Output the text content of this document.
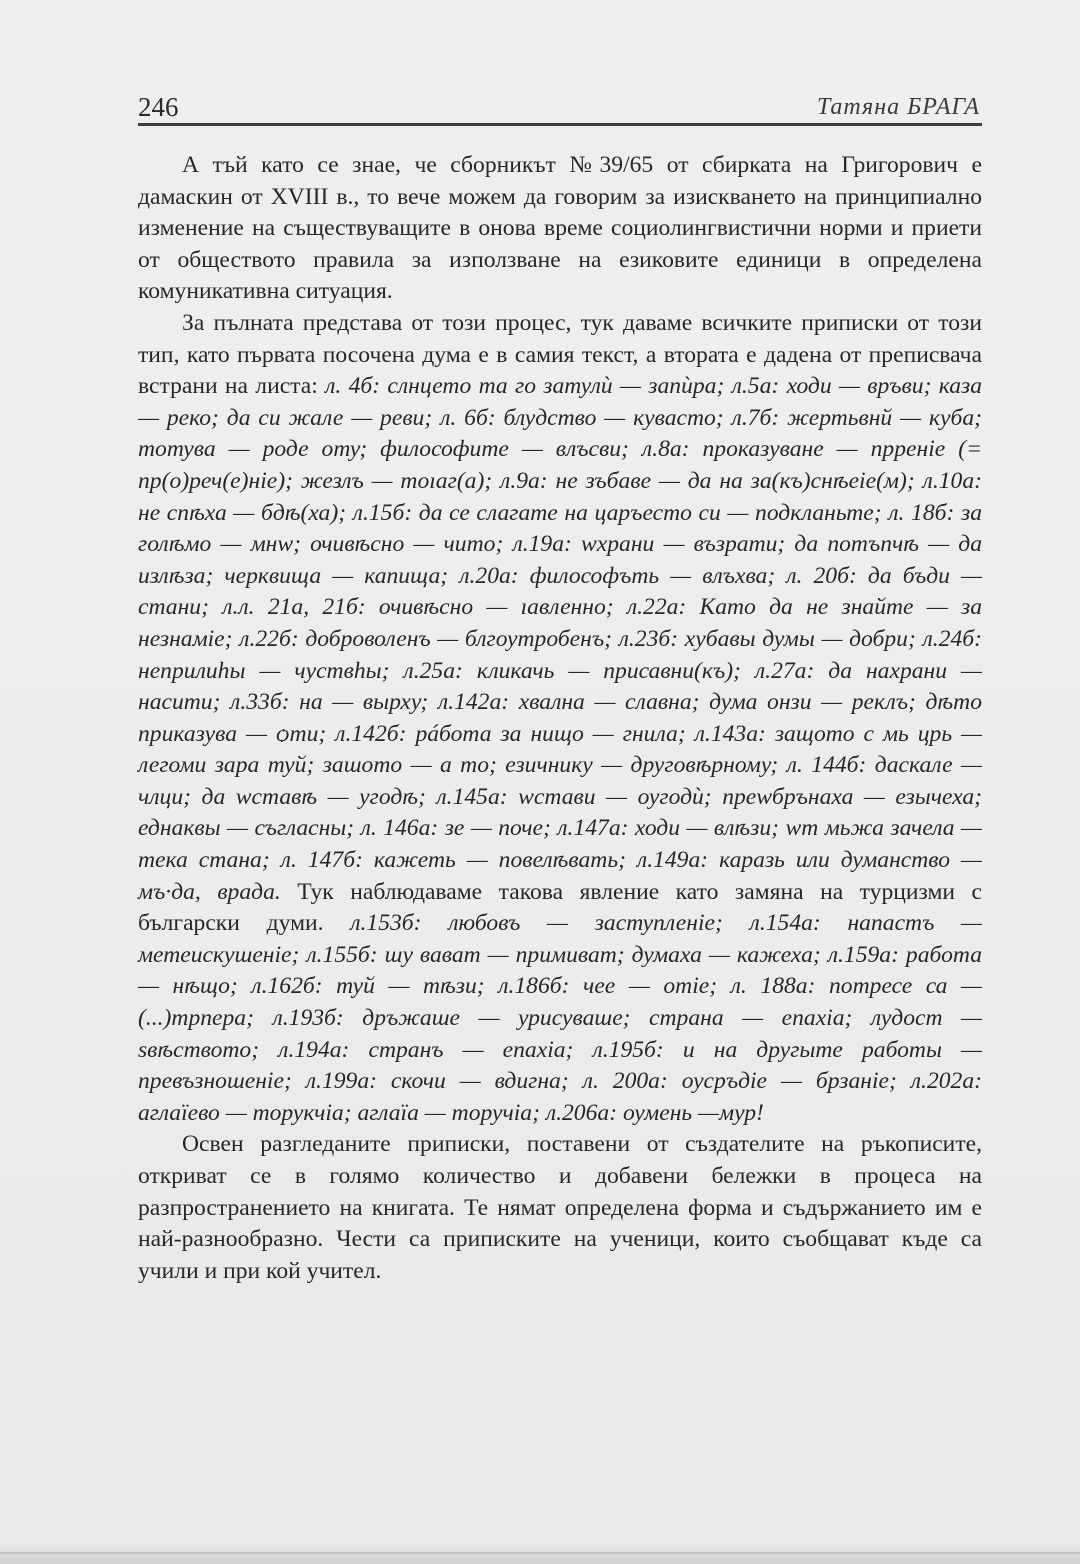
246	Татяна БРАГА

А тъй като се знае, че сборникът №39/65 от сбирката на Григорович е дамаскин от XVIII в., то вече можем да говорим за изискването на принципиално изменение на съществуващите в онова време социолингвистични норми и приети от обществото правила за използване на езиковите единици в определена комуникативна ситуация.

За пълната представа от този процес, тук даваме всичките приписки от този тип, като първата посочена дума е в самия текст, а втората е дадена от преписвача встрани на листа: л. 4б: слнцето та го затулѝ — запѝра; л.5а: ходи — връви; каза — реко; да си жале — реви; л. 6б: блудство — кувасто; л.7б: жертьвнй — куба; тотува — роде оту; философите — влъсви; л.8а: проказуване — прреніе (= пр(о)реч(е)ніе); жезлъ — тоıаг(а); л.9а: не зъбаве — да на за(къ)снѣеіе(м); л.10а: не спѣха — бдѣ(ха); л.15б: да се слагате на царъесто си — подкланьте; л. 18б: за голѣмо — мнw; очивѣсно — чито; л.19а: wхрани — възрати; да потъпчѣ — да излѣза; черквища — капища; л.20а: философъть — влъхва; л. 20б: да бъди — стани; л.л. 21а, 21б: очивѣсно — ıавленно; л.22а: Като да не знайте — за незнаміе; л.22б: доброволенъ — блгоутробенъ; л.23б: хубавы думы — добри; л.24б: неприлиhы — чуствhы; л.25а: кликачь — присавни(къ); л.27а: да нахрани — насити; л.33б: на — вырху; л.142а: хвална — славна; дума онзи — реклъ; дѣто приказува — ѻти; л.142б: рáбота за нищо — гнила; л.143а: защото с мь црь — легоми зара туй; зашото — а то; езичнику — друговѣрному; л. 144б: даскале — члци; да wставѣ — угодѣ; л.145а: wстави — оугодѝ; преwбрънаха — езычеха; еднаквы — съгласны; л. 146а: зе — поче; л.147а: ходи — влѣзи; wт мьжа зачела — тека стана; л. 147б: кажеть — повелѣвать; л.149а: каразь или думанство — мъ·да, врада. Тук наблюдаваме такова явление като замяна на турцизми с български думи. л.153б: любовъ — заступленіе; л.154а: напастъ — метеискушеніе; л.155б: шу вават — примиват; думаха — кажеха; л.159а: работа — нѣщо; л.162б: туй — тѣзи; л.186б: чее — отіе; л. 188а: потресе са — (...)трпера; л.193б: дръжаше — урисуваше; страна — епахіа; лудост — ѕвѣството; л.194а: странъ — епахіа; л.195б: и на другыте работы — превъзношеніе; л.199а: скочи — вдигна; л. 200а: оусръдіе — брзаніе; л.202а: аглаїево — торукчіа; аглаїа — торучіа; л.206а: оумень —мур!

Освен разгледаните приписки, поставени от създателите на ръкописите, откриват се в голямо количество и добавени бележки в процеса на разпространението на книгата. Те нямат определена форма и съдържанието им е най-разнообразно. Чести са приписките на ученици, които съобщават къде са учили и при кой учител.
